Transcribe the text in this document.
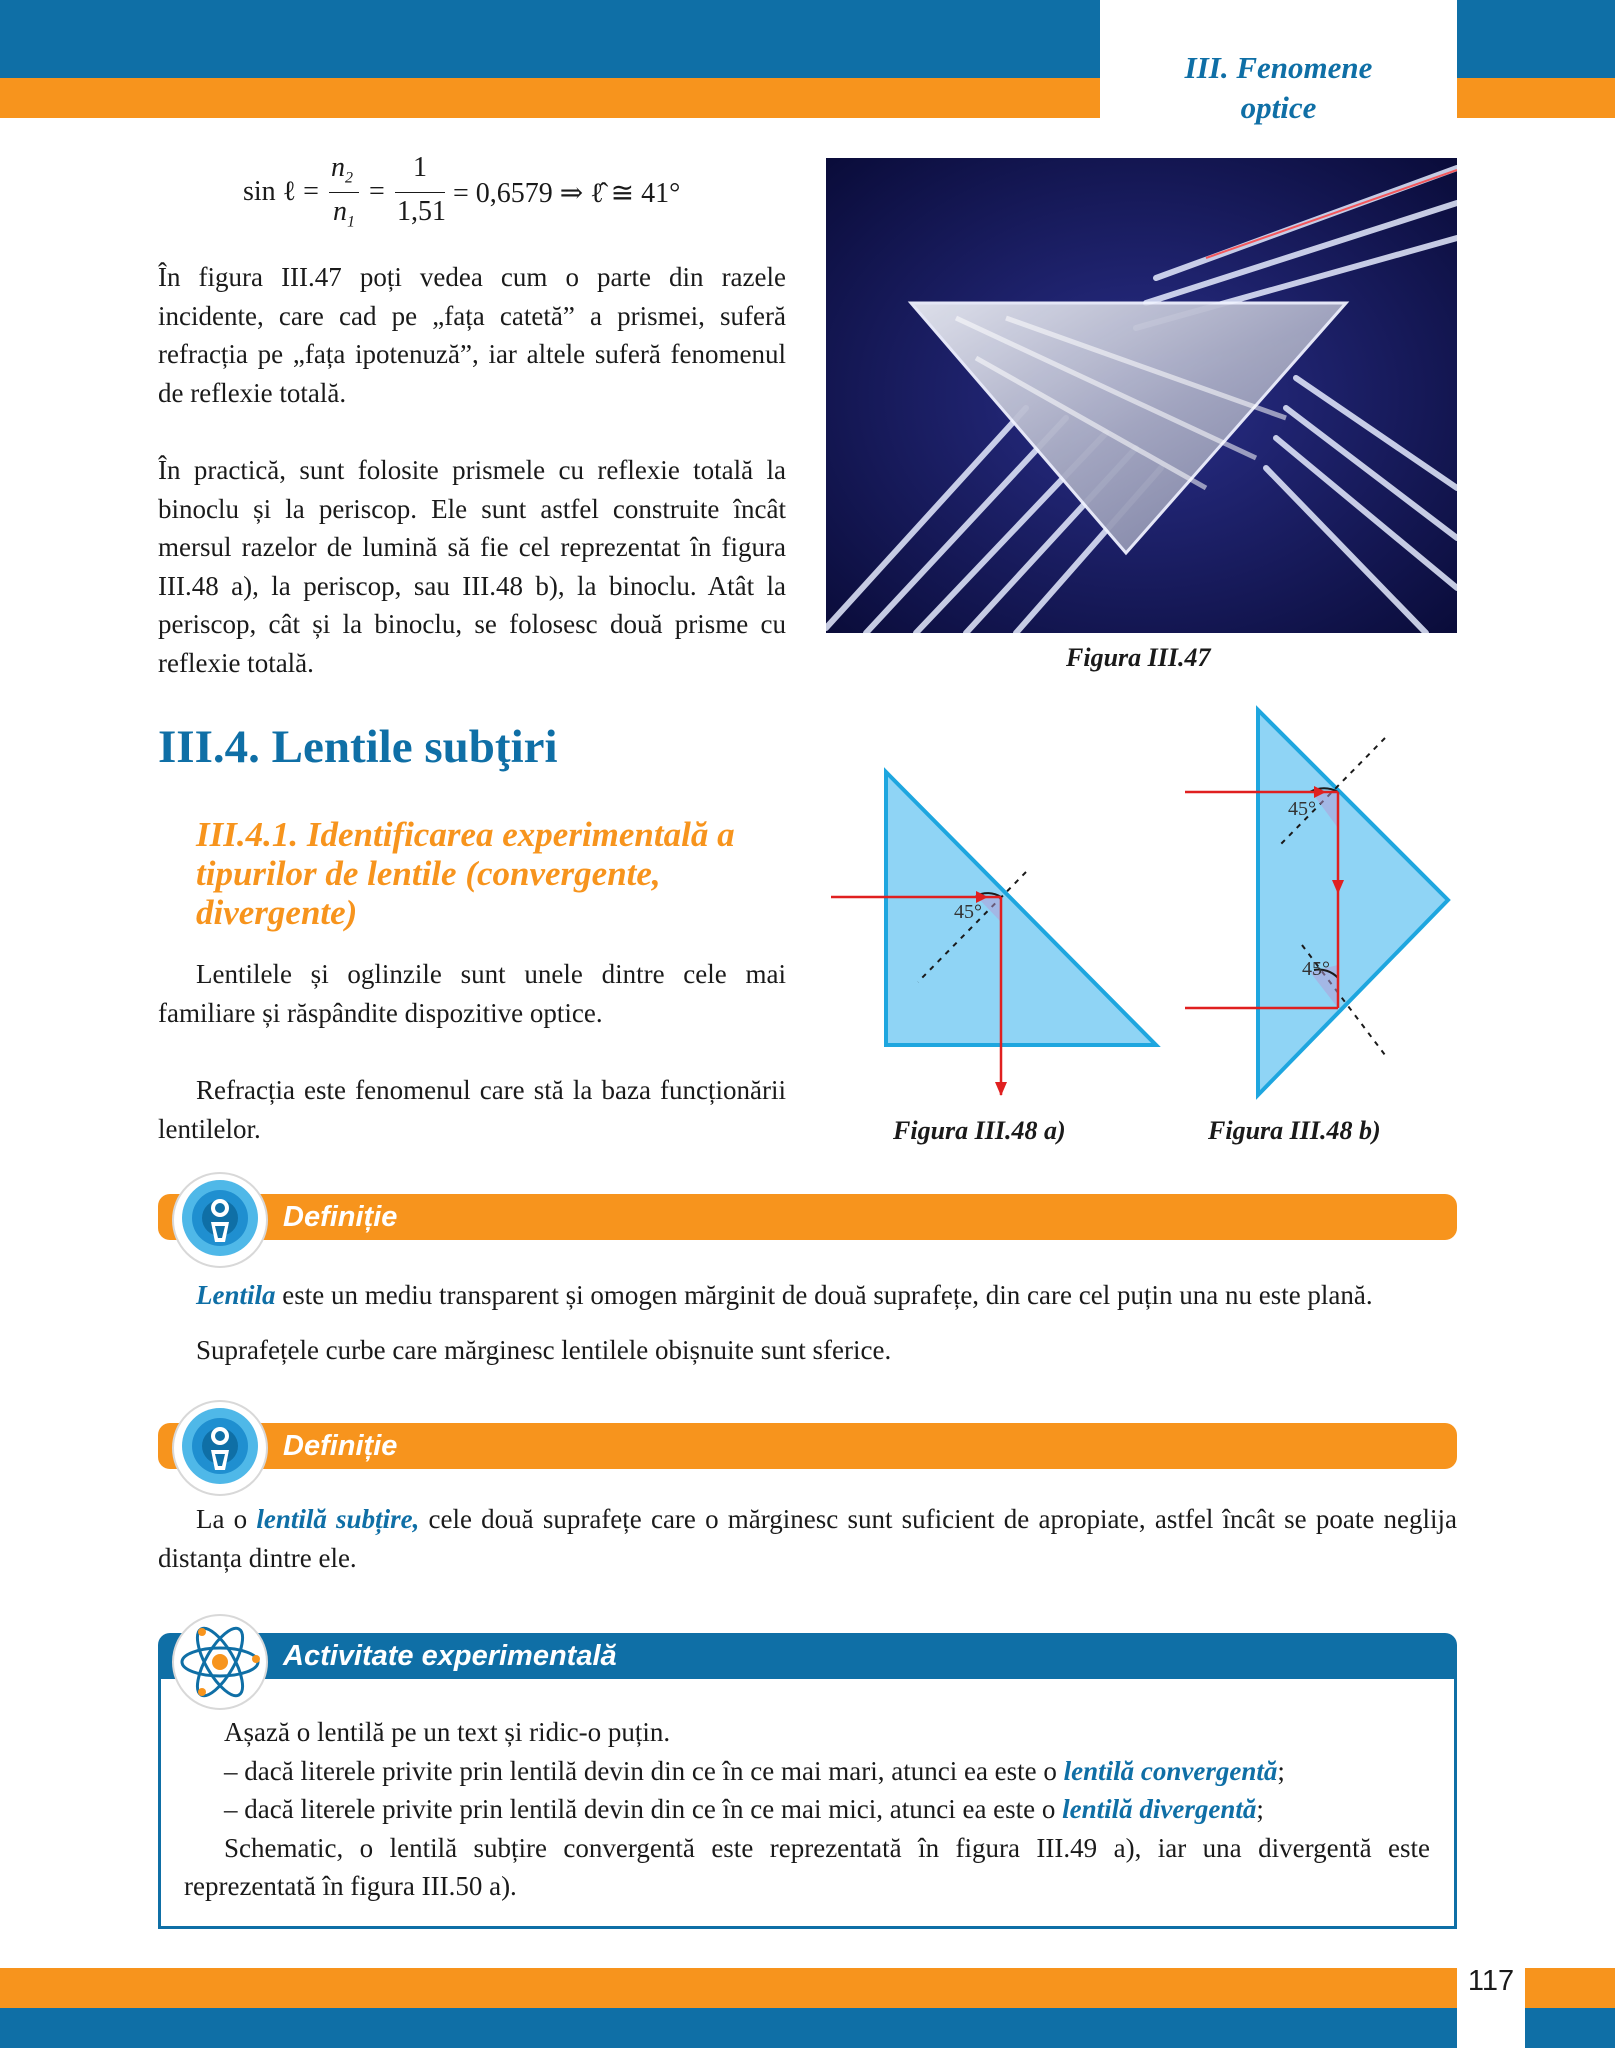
III. Fenomene
optice
sin ℓ =
$n_2$
$n_1$
=
1
1,51
= 0,6579 ⇒ ℓ̂ ≅ 41°

În figura III.47 poți vedea cum o parte din razele incidente, care cad pe „fața catetă” a prismei, suferă refracția pe „fața ipotenuză”, iar altele suferă fenomenul de reflexie totală.

În practică, sunt folosite prismele cu reflexie totală la binoclu și la periscop. Ele sunt astfel construite încât mersul razelor de lumină să fie cel reprezentat în figura III.48 a), la periscop, sau III.48 b), la binoclu. Atât la periscop, cât și la binoclu, se folosesc două prisme cu reflexie totală.	Figura III.47
III.4. Lentile subţiri
III.4.1. Identificarea experimentală a tipurilor de lentile (convergente, divergente)

Lentilele și oglinzile sunt unele dintre cele mai familiare și răspândite dispozitive optice.

Refracția este fenomenul care stă la baza funcționării lentilelor.

45°
Figura III.48 a)
45°
45°
Figura III.48 b)
Definiție

Lentila este un mediu transparent și omogen mărginit de două suprafețe, din care cel puțin una nu este plană.

Suprafețele curbe care mărginesc lentilele obișnuite sunt sferice.

Definiție

La o lentilă subțire, cele două suprafețe care o mărginesc sunt suficient de apropiate, astfel încât se poate neglija distanța dintre ele.

Activitate experimentală

Așază o lentilă pe un text și ridic-o puțin.

– dacă literele privite prin lentilă devin din ce în ce mai mari, atunci ea este o lentilă convergentă;

– dacă literele privite prin lentilă devin din ce în ce mai mici, atunci ea este o lentilă divergentă;

Schematic, o lentilă subțire convergentă este reprezentată în figura III.49 a), iar una divergentă este reprezentată în figura III.50 a).

117
